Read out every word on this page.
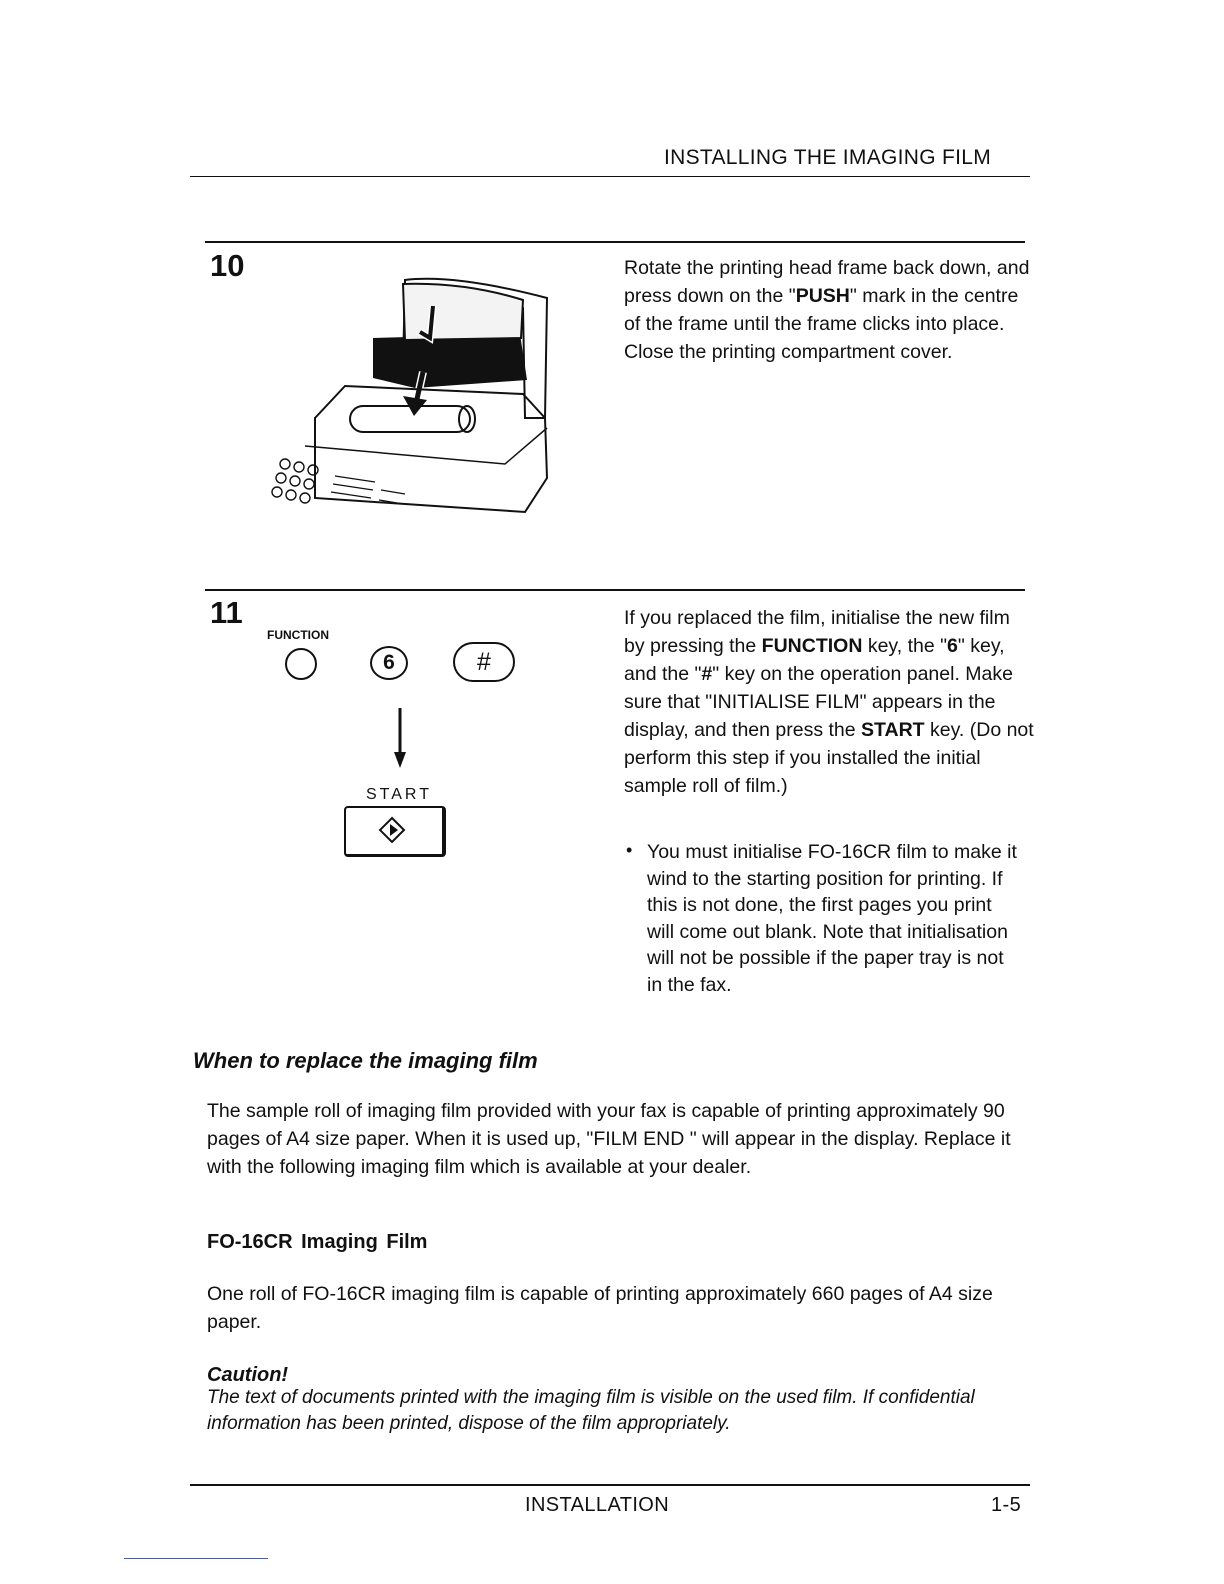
INSTALLING THE IMAGING FILM
10	Rotate the printing head frame back down, and press down on the "PUSH" mark in the centre of the frame until the frame clicks into place. Close the printing compartment cover.
11
FUNCTION
6	#
START
If you replaced the film, initialise the new film by pressing the FUNCTION key, the "6" key, and the "#" key on the operation panel. Make sure that "INITIALISE FILM" appears in the display, and then press the START key. (Do not perform this step if you installed the initial sample roll of film.)
• You must initialise FO-16CR film to make it wind to the starting position for printing. If this is not done, the first pages you print will come out blank. Note that initialisation will not be possible if the paper tray is not in the fax.
When to replace the imaging film
The sample roll of imaging film provided with your fax is capable of printing approximately 90 pages of A4 size paper. When it is used up, "FILM END " will appear in the display. Replace it with the following imaging film which is available at your dealer.
FO-16CR Imaging Film
One roll of FO-16CR imaging film is capable of printing approximately 660 pages of A4 size paper.
Caution!
The text of documents printed with the imaging film is visible on the used film. If confidential information has been printed, dispose of the film appropriately.
INSTALLATION	1-5
